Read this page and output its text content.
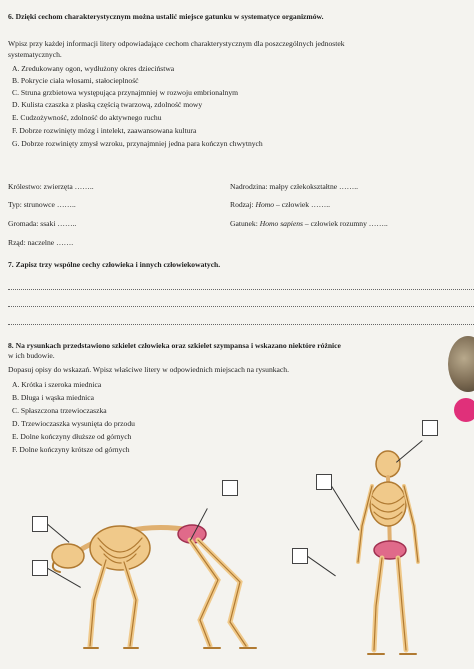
6. Dzięki cechom charakterystycznym można ustalić miejsce gatunku w systematyce organizmów.
Wpisz przy każdej informacji litery odpowiadające cechom charakterystycznym dla poszczególnych jednostek
systematycznych.
A. Zredukowany ogon, wydłużony okres dzieciństwa
B. Pokrycie ciała włosami, stałocieplność
C. Struna grzbietowa występująca przynajmniej w rozwoju embrionalnym
D. Kulista czaszka z płaską częścią twarzową, zdolność mowy
E. Cudzożywność, zdolność do aktywnego ruchu
F. Dobrze rozwinięty mózg i intelekt, zaawansowana kultura
G. Dobrze rozwinięty zmysł wzroku, przynajmniej jedna para kończyn chwytnych
Królestwo: zwierzęta ……..	Nadrodzina: małpy człekokształtne ……..
Typ: strunowce ……..	Rodzaj: Homo – człowiek ……..
Gromada: ssaki ……..	Gatunek: Homo sapiens – człowiek rozumny ……..
Rząd: naczelne …….
7. Zapisz trzy wspólne cechy człowieka i innych człowiekowatych.
8. Na rysunkach przedstawiono szkielet człowieka oraz szkielet szympansa i wskazano niektóre różnice
w ich budowie.
Dopasuj opisy do wskazań. Wpisz właściwe litery w odpowiednich miejscach na rysunkach.
A. Krótka i szeroka miednica
B. Długa i wąska miednica
C. Spłaszczona trzewioczaszka
D. Trzewioczaszka wysunięta do przodu
E. Dolne kończyny dłuższe od górnych
F. Dolne kończyny krótsze od górnych
